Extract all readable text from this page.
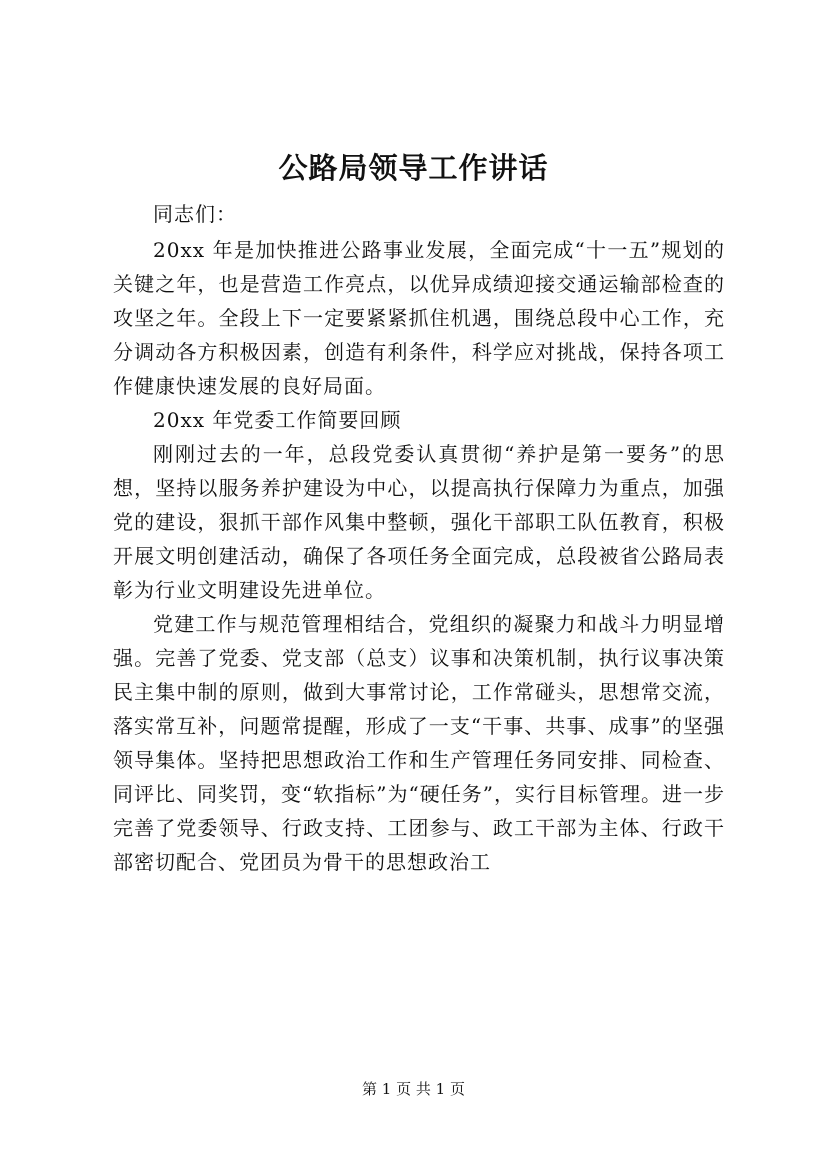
公路局领导工作讲话

同志们：

20xx 年是加快推进公路事业发展，全面完成“十一五”规划的关键之年，也是营造工作亮点，以优异成绩迎接交通运输部检查的攻坚之年。全段上下一定要紧紧抓住机遇，围绕总段中心工作，充分调动各方积极因素，创造有利条件，科学应对挑战，保持各项工作健康快速发展的良好局面。

20xx 年党委工作简要回顾

刚刚过去的一年，总段党委认真贯彻“养护是第一要务”的思想，坚持以服务养护建设为中心，以提高执行保障力为重点，加强党的建设，狠抓干部作风集中整顿，强化干部职工队伍教育，积极开展文明创建活动，确保了各项任务全面完成，总段被省公路局表彰为行业文明建设先进单位。

党建工作与规范管理相结合，党组织的凝聚力和战斗力明显增强。完善了党委、党支部（总支）议事和决策机制，执行议事决策民主集中制的原则，做到大事常讨论，工作常碰头，思想常交流，落实常互补，问题常提醒，形成了一支“干事、共事、成事”的坚强领导集体。坚持把思想政治工作和生产管理任务同安排、同检查、同评比、同奖罚，变“软指标”为“硬任务”，实行目标管理。进一步完善了党委领导、行政支持、工团参与、政工干部为主体、行政干部密切配合、党团员为骨干的思想政治工

第 1 页 共 1 页
